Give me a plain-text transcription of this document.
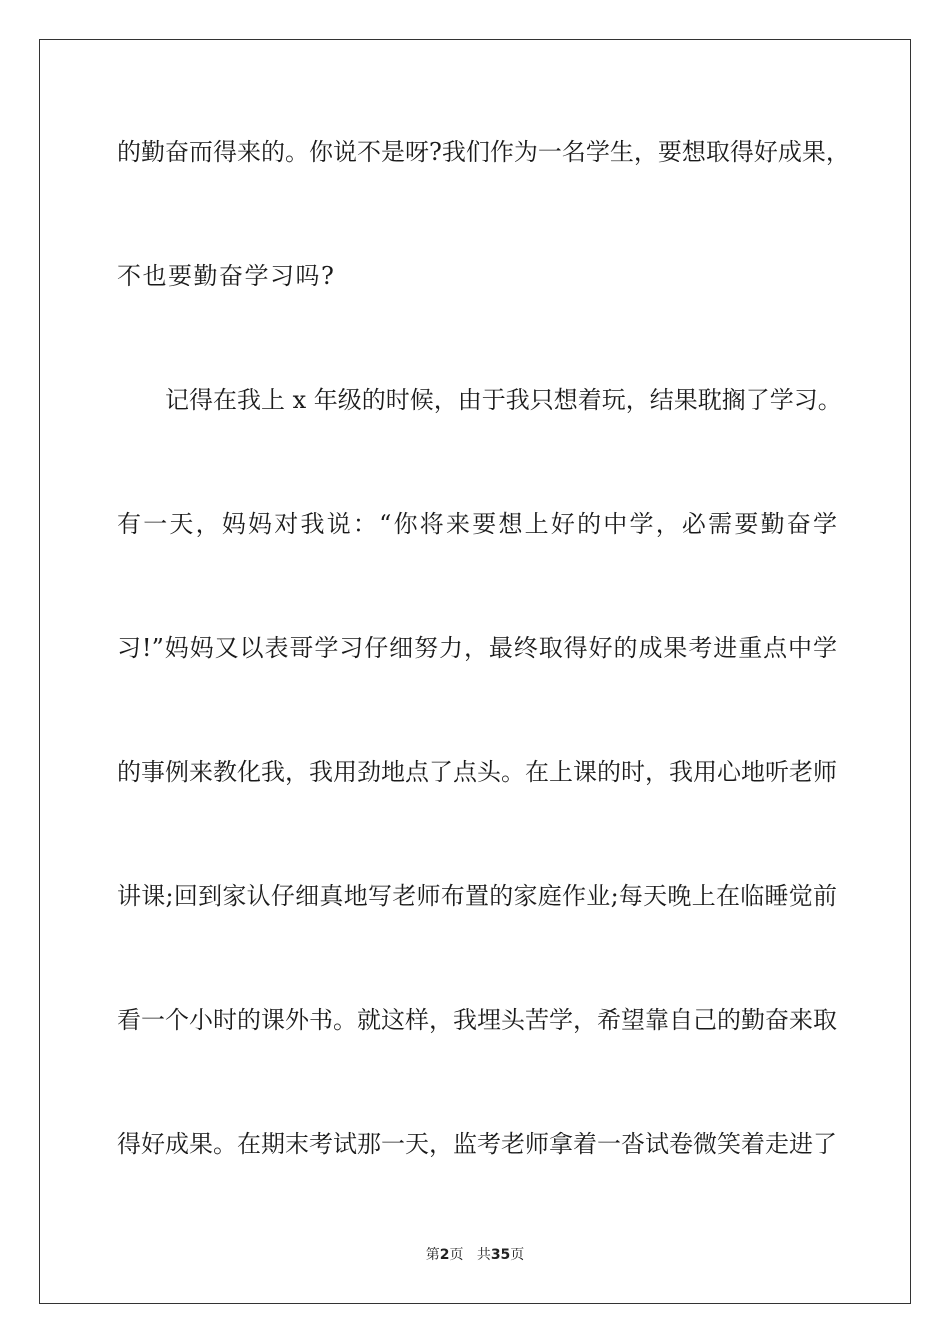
的勤奋而得来的。你说不是呀?我们作为一名学生，要想取得好成果，
不也要勤奋学习吗?
记得在我上 x 年级的时候，由于我只想着玩，结果耽搁了学习。
有一天，妈妈对我说：“你将来要想上好的中学，必需要勤奋学
习!”妈妈又以表哥学习仔细努力，最终取得好的成果考进重点中学
的事例来教化我，我用劲地点了点头。在上课的时，我用心地听老师
讲课;回到家认仔细真地写老师布置的家庭作业;每天晚上在临睡觉前
看一个小时的课外书。就这样，我埋头苦学，希望靠自己的勤奋来取
得好成果。在期末考试那一天，监考老师拿着一沓试卷微笑着走进了
第2页 共35页
